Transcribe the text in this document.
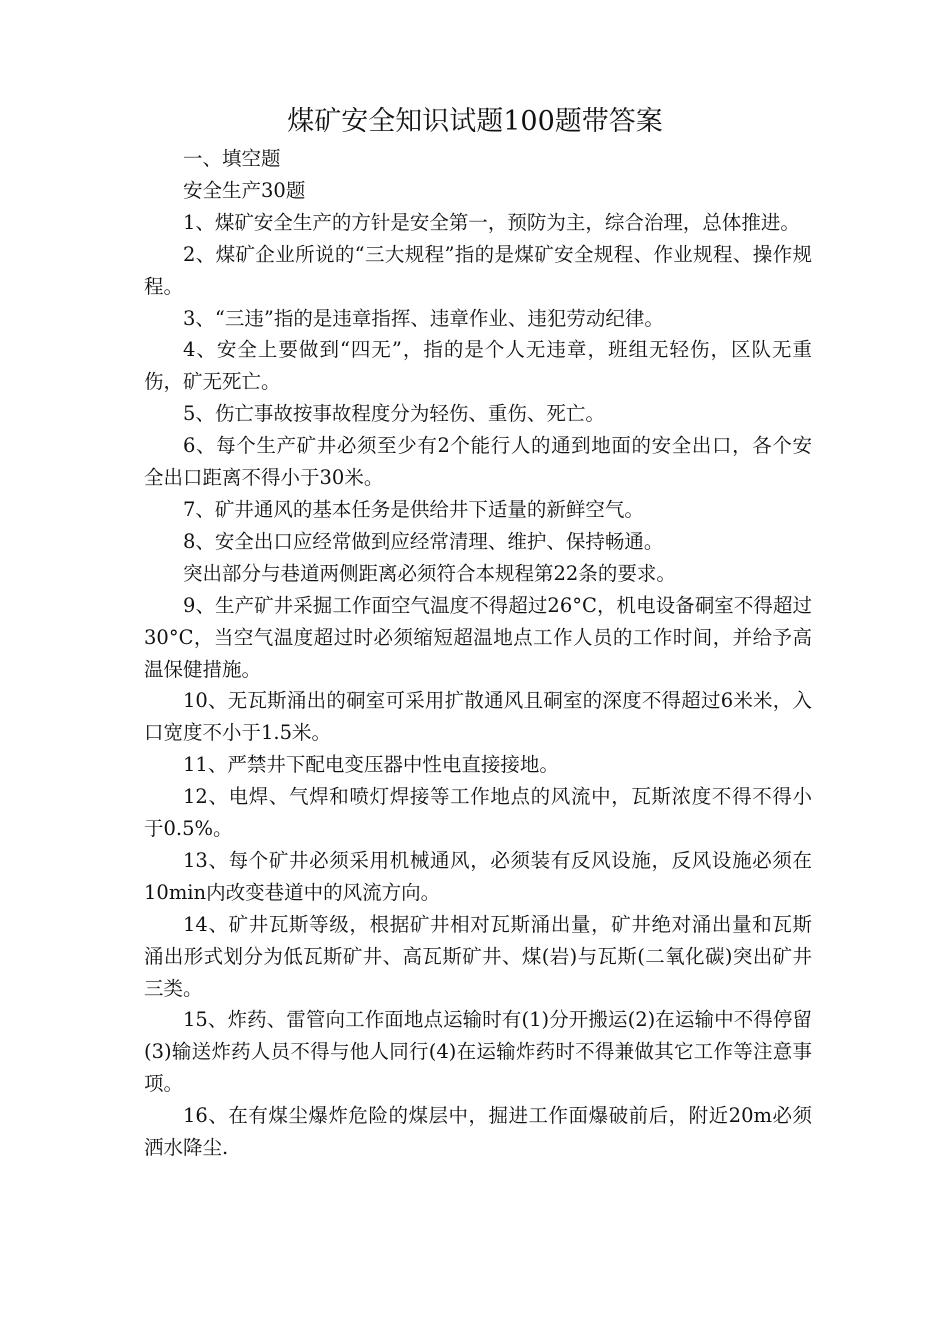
煤矿安全知识试题100题带答案

一、填空题

安全生产30题

1、煤矿安全生产的方针是安全第一，预防为主，综合治理，总体推进。

2、煤矿企业所说的“三大规程”指的是煤矿安全规程、作业规程、操作规程。

3、“三违”指的是违章指挥、违章作业、违犯劳动纪律。

4、安全上要做到“四无”，指的是个人无违章，班组无轻伤，区队无重伤，矿无死亡。

5、伤亡事故按事故程度分为轻伤、重伤、死亡。

6、每个生产矿井必须至少有2个能行人的通到地面的安全出口，各个安全出口距离不得小于30米。

7、矿井通风的基本任务是供给井下适量的新鲜空气。

8、安全出口应经常做到应经常清理、维护、保持畅通。

突出部分与巷道两侧距离必须符合本规程第22条的要求。

9、生产矿井采掘工作面空气温度不得超过26°C，机电设备硐室不得超过30°C，当空气温度超过时必须缩短超温地点工作人员的工作时间，并给予高温保健措施。

10、无瓦斯涌出的硐室可采用扩散通风且硐室的深度不得超过6米米，入口宽度不小于1.5米。

11、严禁井下配电变压器中性电直接接地。

12、电焊、气焊和喷灯焊接等工作地点的风流中，瓦斯浓度不得不得小于0.5%。

13、每个矿井必须采用机械通风，必须装有反风设施，反风设施必须在10min内改变巷道中的风流方向。

14、矿井瓦斯等级，根据矿井相对瓦斯涌出量，矿井绝对涌出量和瓦斯涌出形式划分为低瓦斯矿井、高瓦斯矿井、煤(岩)与瓦斯(二氧化碳)突出矿井三类。

15、炸药、雷管向工作面地点运输时有(1)分开搬运(2)在运输中不得停留(3)输送炸药人员不得与他人同行(4)在运输炸药时不得兼做其它工作等注意事项。

16、在有煤尘爆炸危险的煤层中，掘进工作面爆破前后，附近20m必须洒水降尘.
